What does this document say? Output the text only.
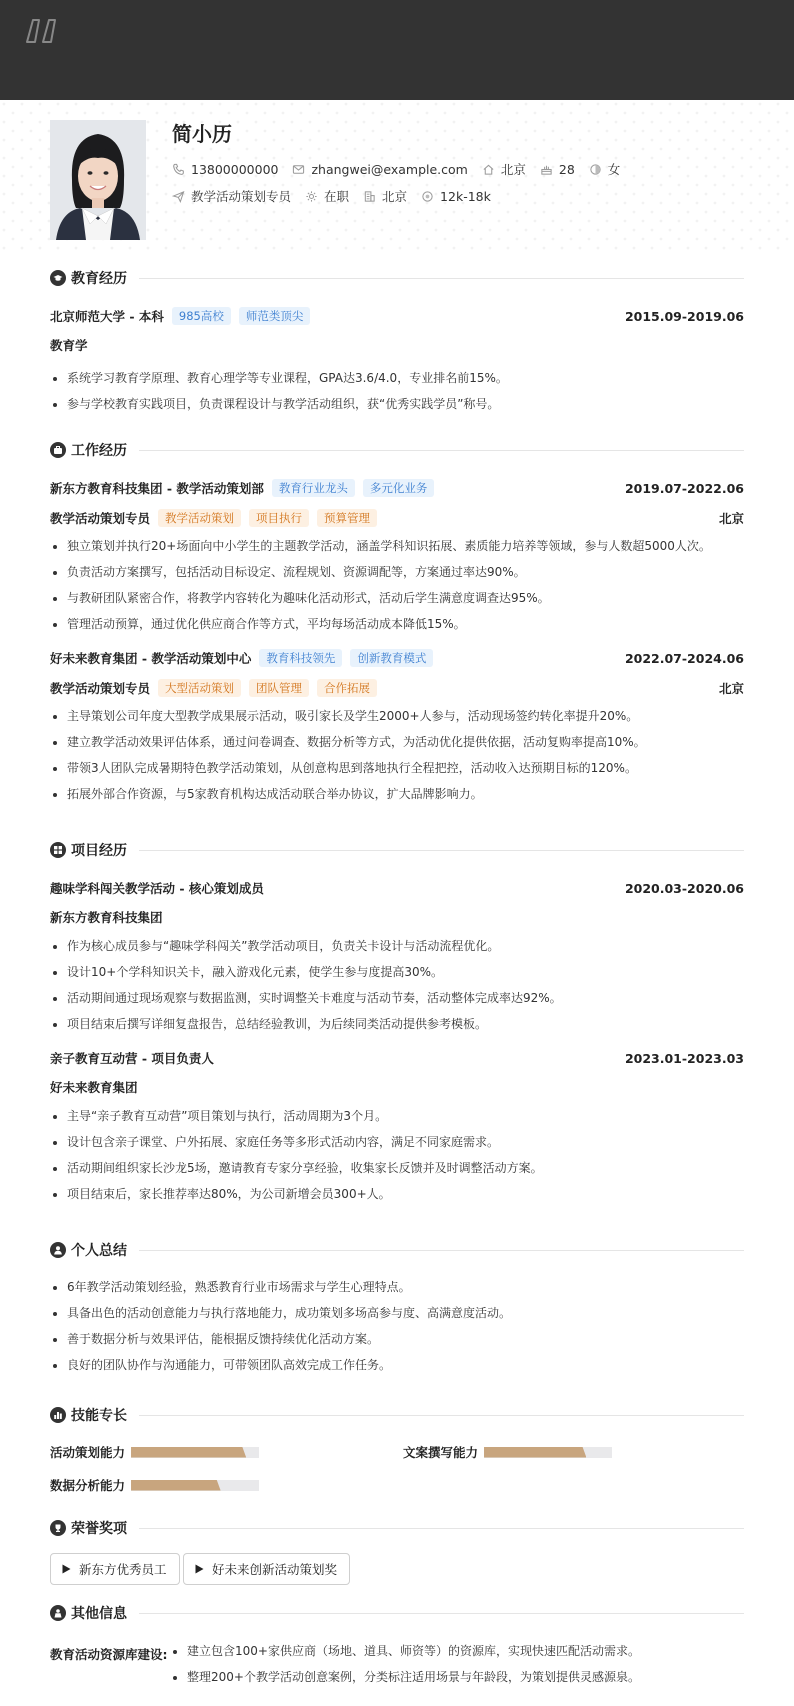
简小历
13800000000	zhangwei@example.com	北京	28	女
教学活动策划专员	在职	北京	12k-18k
教育经历
北京师范大学 - 本科	985高校	师范类顶尖	2015.09-2019.06
教育学
系统学习教育学原理、教育心理学等专业课程，GPA达3.6/4.0，专业排名前15%。
参与学校教育实践项目，负责课程设计与教学活动组织，获“优秀实践学员”称号。
工作经历
新东方教育科技集团 - 教学活动策划部	教育行业龙头	多元化业务	2019.07-2022.06
教学活动策划专员	教学活动策划	项目执行	预算管理	北京
独立策划并执行20+场面向中小学生的主题教学活动，涵盖学科知识拓展、素质能力培养等领域，参与人数超5000人次。
负责活动方案撰写，包括活动目标设定、流程规划、资源调配等，方案通过率达90%。
与教研团队紧密合作，将教学内容转化为趣味化活动形式，活动后学生满意度调查达95%。
管理活动预算，通过优化供应商合作等方式，平均每场活动成本降低15%。
好未来教育集团 - 教学活动策划中心	教育科技领先	创新教育模式	2022.07-2024.06
教学活动策划专员	大型活动策划	团队管理	合作拓展	北京
主导策划公司年度大型教学成果展示活动，吸引家长及学生2000+人参与，活动现场签约转化率提升20%。
建立教学活动效果评估体系，通过问卷调查、数据分析等方式，为活动优化提供依据，活动复购率提高10%。
带领3人团队完成暑期特色教学活动策划，从创意构思到落地执行全程把控，活动收入达预期目标的120%。
拓展外部合作资源，与5家教育机构达成活动联合举办协议，扩大品牌影响力。
项目经历
趣味学科闯关教学活动 - 核心策划成员	2020.03-2020.06
新东方教育科技集团
作为核心成员参与“趣味学科闯关”教学活动项目，负责关卡设计与活动流程优化。
设计10+个学科知识关卡，融入游戏化元素，使学生参与度提高30%。
活动期间通过现场观察与数据监测，实时调整关卡难度与活动节奏，活动整体完成率达92%。
项目结束后撰写详细复盘报告，总结经验教训，为后续同类活动提供参考模板。
亲子教育互动营 - 项目负责人	2023.01-2023.03
好未来教育集团
主导“亲子教育互动营”项目策划与执行，活动周期为3个月。
设计包含亲子课堂、户外拓展、家庭任务等多形式活动内容，满足不同家庭需求。
活动期间组织家长沙龙5场，邀请教育专家分享经验，收集家长反馈并及时调整活动方案。
项目结束后，家长推荐率达80%，为公司新增会员300+人。
个人总结
6年教学活动策划经验，熟悉教育行业市场需求与学生心理特点。
具备出色的活动创意能力与执行落地能力，成功策划多场高参与度、高满意度活动。
善于数据分析与效果评估，能根据反馈持续优化活动方案。
良好的团队协作与沟通能力，可带领团队高效完成工作任务。
技能专长
活动策划能力	文案撰写能力
数据分析能力
荣誉奖项
新东方优秀员工	好未来创新活动策划奖
其他信息
教育活动资源库建设:	建立包含100+家供应商（场地、道具、师资等）的资源库，实现快速匹配活动需求。
整理200+个教学活动创意案例，分类标注适用场景与年龄段，为策划提供灵感源泉。
